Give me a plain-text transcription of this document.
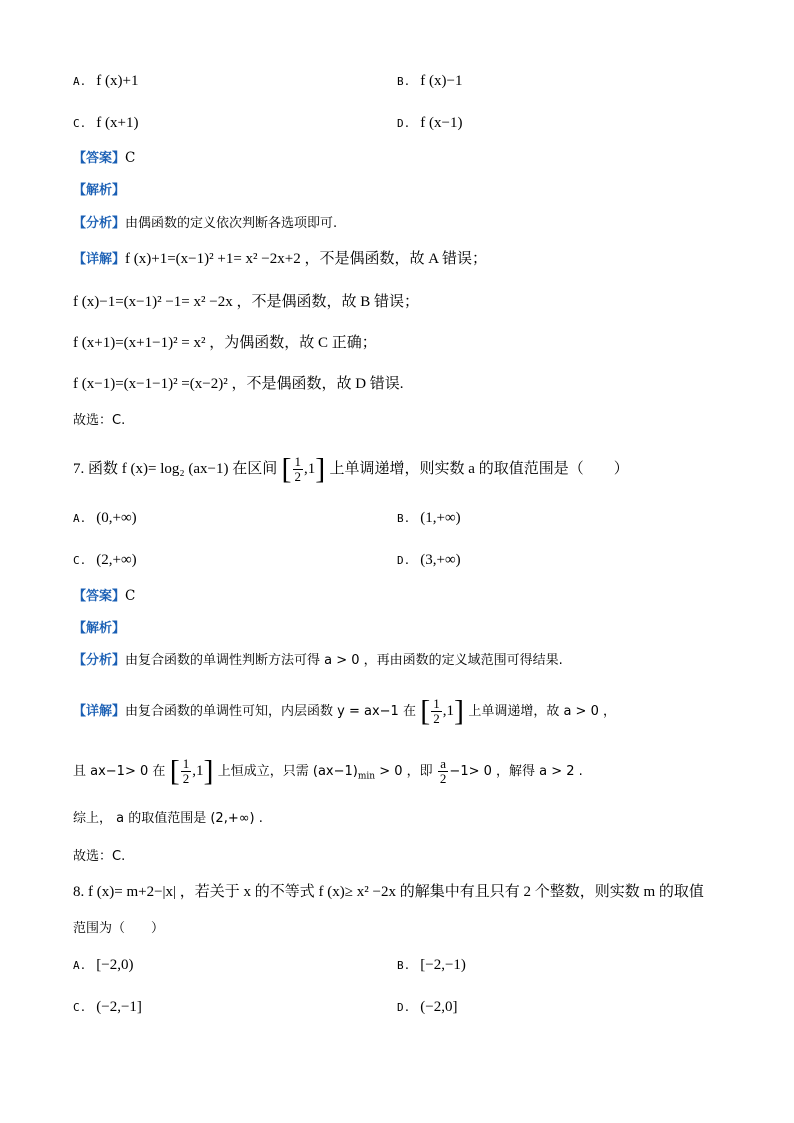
A. f (x)+1	B. f (x)−1
C. f (x+1)	D. f (x−1)
【答案】C
【解析】
【分析】由偶函数的定义依次判断各选项即可.
【详解】f (x)+1=(x−1)² +1= x² −2x+2 ，不是偶函数，故 A 错误；
f (x)−1=(x−1)² −1= x² −2x ，不是偶函数，故 B 错误；
f (x+1)=(x+1−1)² = x² ，为偶函数，故 C 正确；
f (x−1)=(x−1−1)² =(x−2)² ，不是偶函数，故 D 错误.
故选：C.
7. 函数 f (x)= log₂ (ax−1) 在区间 [ $\frac{1}{2} ,1$] 上单调递增，则实数 a 的取值范围是（　　）
A. (0,+∞)	B. (1,+∞)
C. (2,+∞)	D. (3,+∞)
【答案】C
【解析】
【分析】由复合函数的单调性判断方法可得 a > 0 ，再由函数的定义域范围可得结果.
【详解】由复合函数的单调性可知，内层函数 y = ax−1 在 [ $\frac{1}{2} ,1$] 上单调递增，故 a > 0 ，
且 ax−1> 0 在 [ $\frac{1}{2} ,1$] 上恒成立，只需 $(ax-1)_{min} > 0$ ，即 $\frac{a}{2} -1> 0$ ，解得 a > 2 .
综上， a 的取值范围是 (2,+∞) .
故选：C.
8. f (x)= m+2−|x| ，若关于 x 的不等式 f (x)≥ x² −2x 的解集中有且只有 2 个整数，则实数 m 的取值
范围为（　　）
A. [−2,0)	B. [−2,−1)
C. (−2,−1]	D. (−2,0]
